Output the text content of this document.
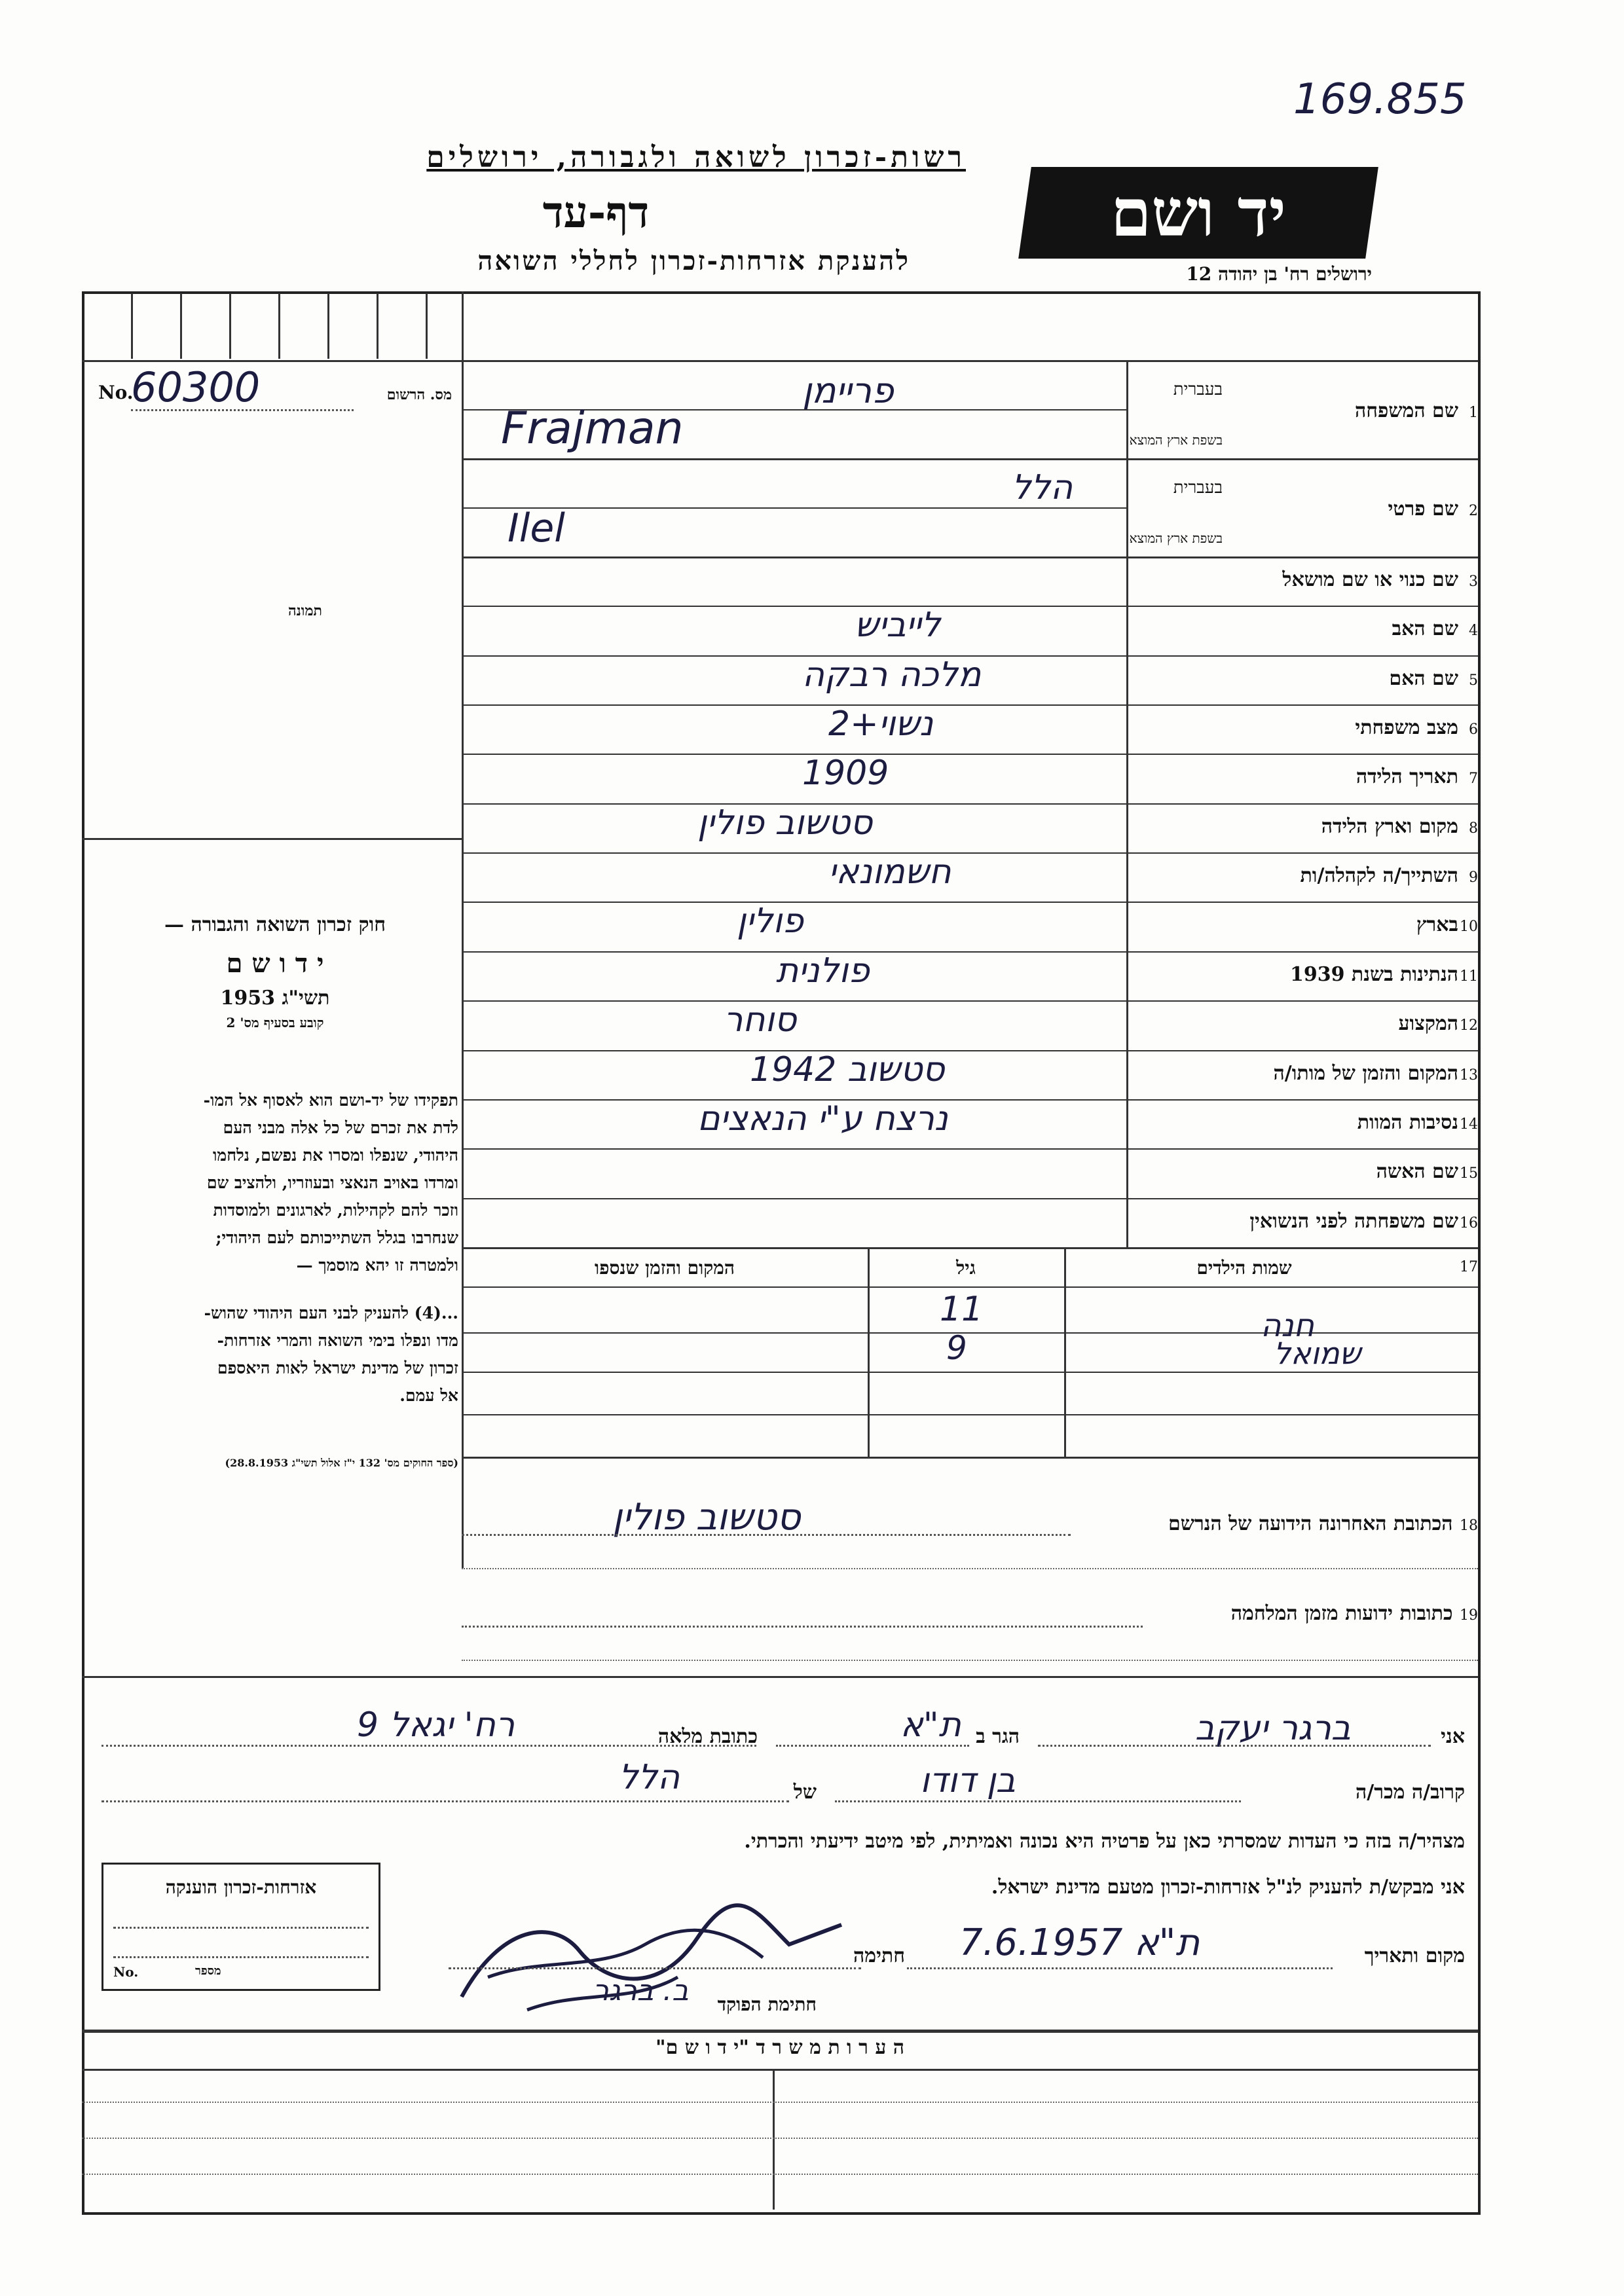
169.855
רשות-זכרון לשואה ולגבורה, ירושלים
דף-עד
להענקת אזרחות-זכרון לחללי השואה
יד ושם
ירושלים רח' בן יהודה 12
No.
60300	מס. הרשום
תמונה
חוק זכרון השואה והגבורה —
י ד ו ש ם
תשי"ג 1953
קובע בסעיף מס' 2
תפקידו של יד-ושם הוא לאסוף אל המו-
לדת את זכרם של כל אלה מבני העם
היהודי, שנפלו ומסרו את נפשם, נלחמו
ומרדו באויב הנאצי ובעוזריו, ולהציב שם
וזכר להם לקהילות, לארגונים ולמוסדות
שנחרבו בגלל השתייכותם לעם היהודי;
ולמטרה זו יהא מוסמך —
...(4) להעניק לבני העם היהודי שהוש-
מדו ונפלו בימי השואה והמרי אזרחות-
זכרון של מדינת ישראל לאות היאספם
אל עמם.
(ספר החוקים מס' 132 י"ז אלול תשי"ג 28.8.1953)
1שם המשפחה
בעברית
בשפת ארץ המוצא
פריימן
Frajman
2שם פרטי
בעברית
בשפת ארץ המוצא
הלל
Ilel
3שם כנוי או שם מושאל
4שם האב
לייביש
5שם האם
מלכה רבקה
6מצב משפחתי
נשוי+2
7תאריך הלידה
1909
8מקום וארץ הלידה
סטשוב פולין
9השתייך/ה לקהלה/ות
חשמונאי
10בארץ
פולין
11הנתינות בשנת 1939
פולנית
12המקצוע
סוחר
13המקום והזמן של מותו/ה
סטשוב 1942
14נסיבות המוות
נרצח ע"י הנאצים
15שם האשה
16שם משפחתה לפני הנשואין
17
שמות הילדים
גיל
המקום והזמן שנספו
חנה
11
שמואל
9
18 הכתובת האחרונה הידועה של הנרשם
סטשוב פולין
19 כתובות ידועות מזמן המלחמה
אני
ברגר יעקב
הגר ב
ת"א
כתובת מלאה
רח' יגאל 9
קרוב/ה מכר/ה
בן דודו
של
הלל
מצהיר/ה בזה כי העדות שמסרתי כאן על פרטיה היא נכונה ואמיתית, לפי מיטב ידיעתי והכרתי.
אני מבקש/ת להעניק לנ"ל אזרחות-זכרון מטעם מדינת ישראל.
מקום ותאריך
ת"א 7.6.1957
חתימה
חתימת הפוקד
ב. ברגר
אזרחות-זכרון הוענקה
No.	מספר
ה ע ר ו ת מ ש ר ד "י ד ו ש ם"
